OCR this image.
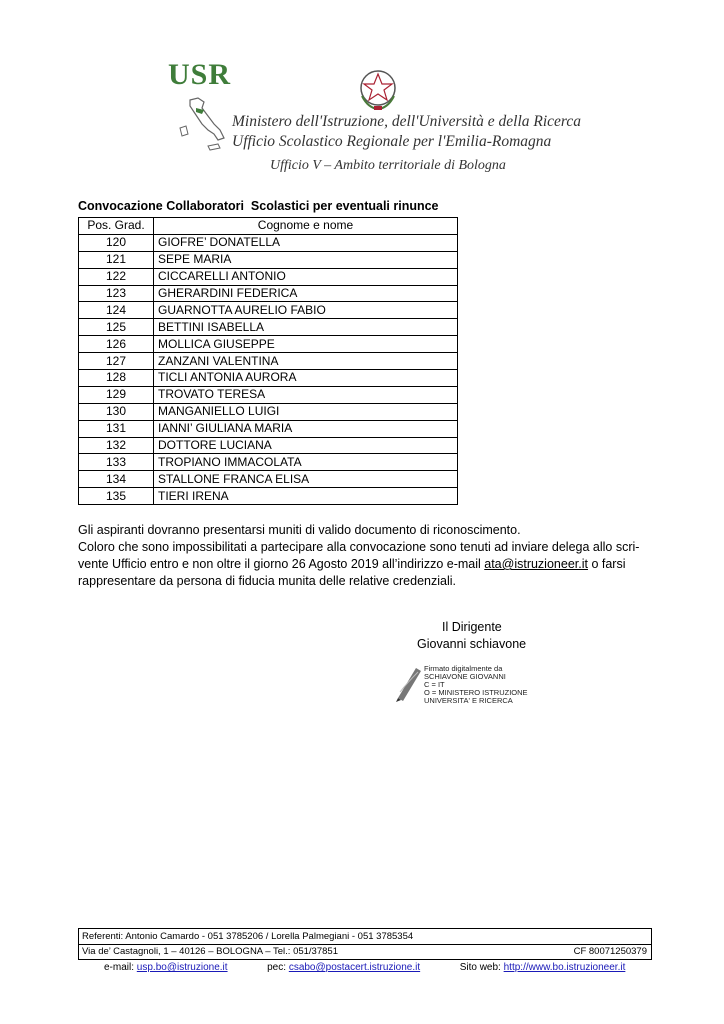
USR
Ministero dell'Istruzione, dell'Università e della Ricerca
Ufficio Scolastico Regionale per l'Emilia-Romagna
Ufficio V – Ambito territoriale di Bologna
Convocazione Collaboratori  Scolastici per eventuali rinunce
Pos. Grad.	Cognome e nome
120	GIOFRE’ DONATELLA
121	SEPE MARIA
122	CICCARELLI ANTONIO
123	GHERARDINI FEDERICA
124	GUARNOTTA AURELIO FABIO
125	BETTINI ISABELLA
126	MOLLICA GIUSEPPE
127	ZANZANI VALENTINA
128	TICLI ANTONIA AURORA
129	TROVATO TERESA
130	MANGANIELLO LUIGI
131	IANNI’ GIULIANA MARIA
132	DOTTORE LUCIANA
133	TROPIANO IMMACOLATA
134	STALLONE FRANCA ELISA
135	TIERI IRENA

Gli aspiranti dovranno presentarsi muniti di valido documento di riconoscimento.

Coloro che sono impossibilitati a partecipare alla convocazione sono tenuti ad inviare delega allo scri-
vente Ufficio entro e non oltre il giorno 26 Agosto 2019 all’indirizzo e-mail ata@istruzioneer.it o farsi
rappresentare da persona di fiducia munita delle relative credenziali.

Il Dirigente
Giovanni schiavone
Firmato digitalmente da
SCHIAVONE GIOVANNI
C = IT
O = MINISTERO ISTRUZIONE
UNIVERSITA' E RICERCA
Referenti: Antonio Camardo - 051 3785206 / Lorella Palmegiani - 051 3785354
Via de’ Castagnoli, 1 – 40126 – BOLOGNA – Tel.: 051/37851	CF 80071250379
e-mail: usp.bo@istruzione.it	pec: csabo@postacert.istruzione.it	Sito web: http://www.bo.istruzioneer.it
